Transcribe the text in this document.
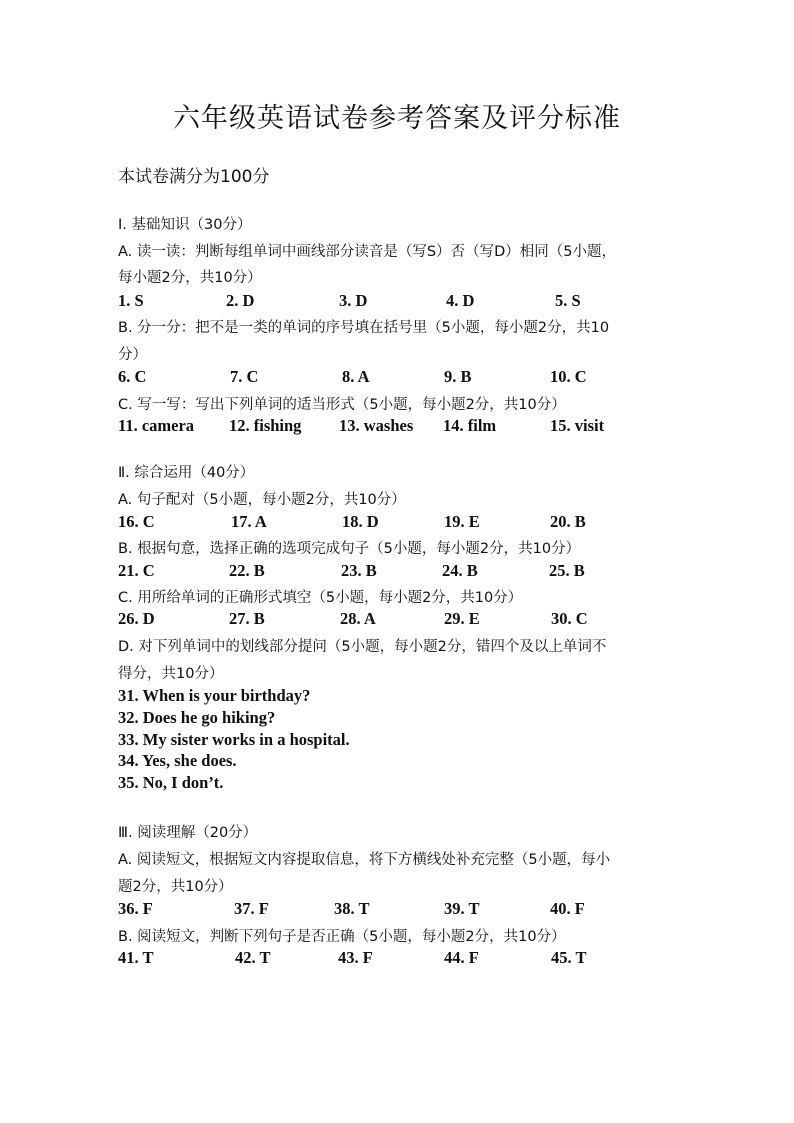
六年级英语试卷参考答案及评分标准
本试卷满分为100分
Ⅰ. 基础知识（30分）
A. 读一读：判断每组单词中画线部分读音是（写S）否（写D）相同（5小题，
每小题2分，共10分）
1. S	2. D	3. D	4. D	5. S
B. 分一分：把不是一类的单词的序号填在括号里（5小题，每小题2分，共10
分）
6. C	7. C	8. A	9. B	10. C
C. 写一写：写出下列单词的适当形式（5小题，每小题2分，共10分）
11. camera 12. fishing 13. washes 14. film	15. visit
Ⅱ. 综合运用（40分）
A. 句子配对（5小题，每小题2分，共10分）
16. C	17. A	18. D	19. E	20. B
B. 根据句意，选择正确的选项完成句子（5小题，每小题2分，共10分）
21. C	22. B	23. B	24. B	25. B
C. 用所给单词的正确形式填空（5小题，每小题2分，共10分）
26. D	27. B	28. A	29. E	30. C
D. 对下列单词中的划线部分提问（5小题，每小题2分，错四个及以上单词不
得分，共10分）
31. When is your birthday?
32. Does he go hiking?
33. My sister works in a hospital.
34. Yes, she does.
35. No, I don’t.
Ⅲ. 阅读理解（20分）
A. 阅读短文，根据短文内容提取信息，将下方横线处补充完整（5小题，每小
题2分，共10分）
36. F	37. F	38. T	39. T	40. F
B. 阅读短文，判断下列句子是否正确（5小题，每小题2分，共10分）
41. T	42. T	43. F	44. F	45. T
